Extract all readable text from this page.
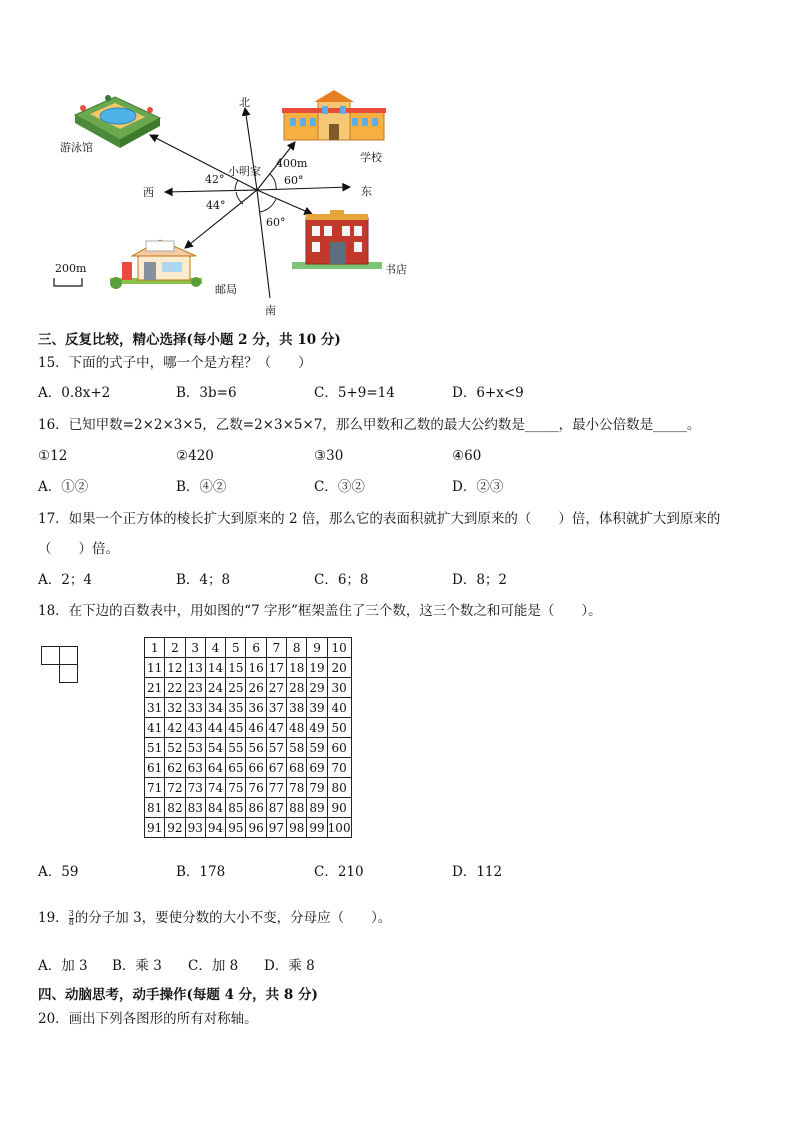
北
南
东
西
小明家
游泳馆
学校
书店
邮局
400m
200m
42°	60°
44°
60°
三、反复比较，精心选择(每小题 2 分，共 10 分)
15．下面的式子中，哪一个是方程？（　　）
A．0.8x+2	B．3b=6	C．5+9=14	D．6+x<9
16．已知甲数=2×2×3×5，乙数=2×3×5×7，那么甲数和乙数的最大公约数是_____，最小公倍数是_____。
①12	②420	③30	④60
A．①②	B．④②	C．③②	D．②③
17．如果一个正方体的棱长扩大到原来的 2 倍，那么它的表面积就扩大到原来的（　　）倍，体积就扩大到原来的
（　　）倍。
A．2；4	B．4；8	C．6；8	D．8；2
18．在下边的百数表中，用如图的“7 字形”框架盖住了三个数，这三个数之和可能是（　　）。

1	2	3	4	5	6	7	8	9	10
11	12	13	14	15	16	17	18	19	20
21	22	23	24	25	26	27	28	29	30
31	32	33	34	35	36	37	38	39	40
41	42	43	44	45	46	47	48	49	50
51	52	53	54	55	56	57	58	59	60
61	62	63	64	65	66	67	68	69	70
71	72	73	74	75	76	77	78	79	80
81	82	83	84	85	86	87	88	89	90
91	92	93	94	95	96	97	98	99	100
A．59	B．178	C．210	D．112
19． $\frac{3}{8}$ 的分子加 3，要使分数的大小不变，分母应（　　）。
A．加 3 B．乘 3 C．加 8 D．乘 8
四、动脑思考，动手操作(每题 4 分，共 8 分)
20．画出下列各图形的所有对称轴。
